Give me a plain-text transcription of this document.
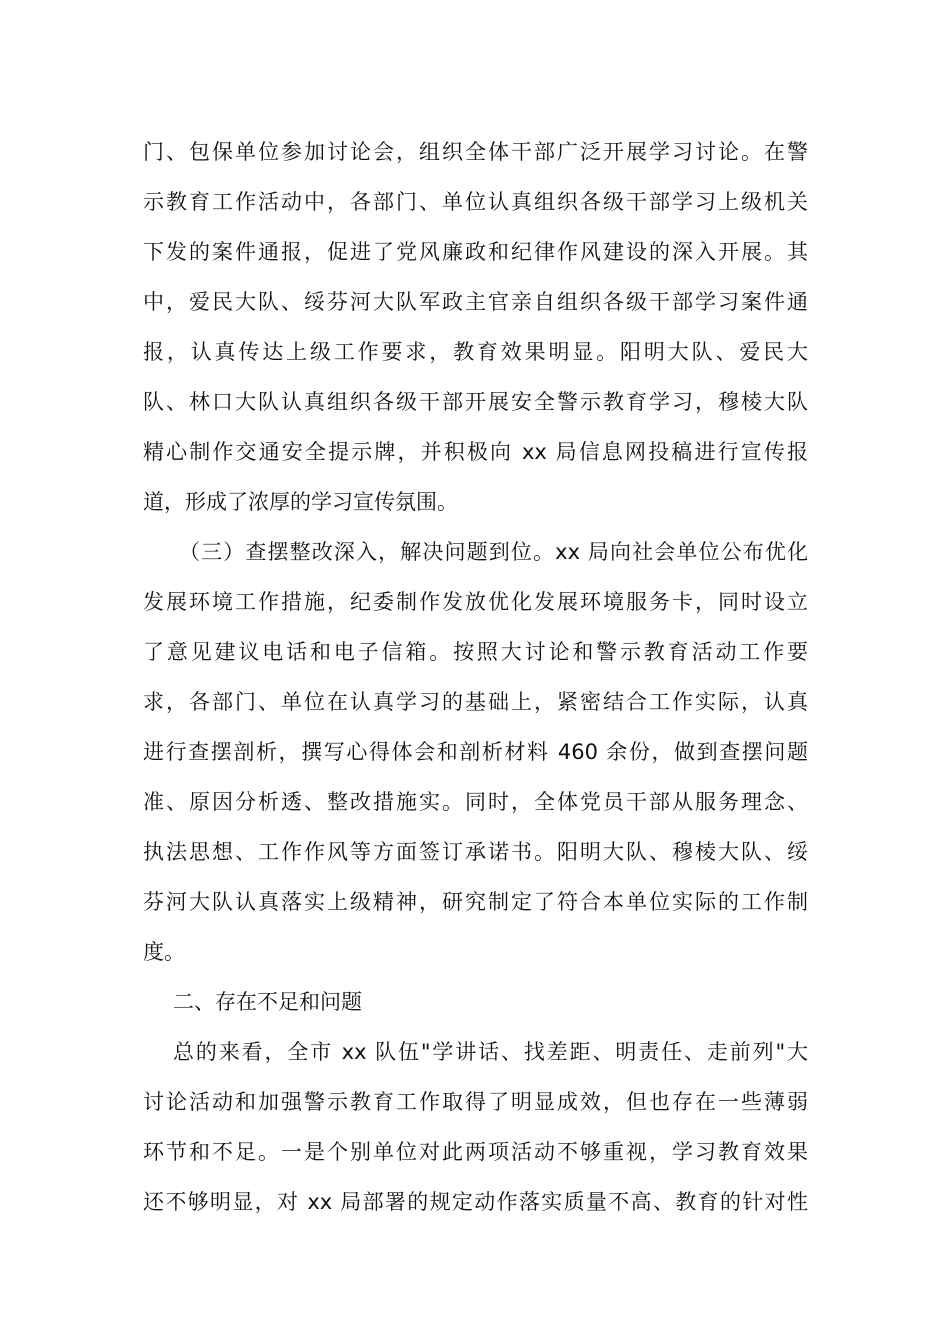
门、包保单位参加讨论会，组织全体干部广泛开展学习讨论。在警
示教育工作活动中，各部门、单位认真组织各级干部学习上级机关
下发的案件通报，促进了党风廉政和纪律作风建设的深入开展。其
中，爱民大队、绥芬河大队军政主官亲自组织各级干部学习案件通
报，认真传达上级工作要求，教育效果明显。阳明大队、爱民大
队、林口大队认真组织各级干部开展安全警示教育学习，穆棱大队
精心制作交通安全提示牌，并积极向 xx 局信息网投稿进行宣传报
道，形成了浓厚的学习宣传氛围。
（三）查摆整改深入，解决问题到位。xx 局向社会单位公布优化
发展环境工作措施，纪委制作发放优化发展环境服务卡，同时设立
了意见建议电话和电子信箱。按照大讨论和警示教育活动工作要
求，各部门、单位在认真学习的基础上，紧密结合工作实际，认真
进行查摆剖析，撰写心得体会和剖析材料 460 余份，做到查摆问题
准、原因分析透、整改措施实。同时，全体党员干部从服务理念、
执法思想、工作作风等方面签订承诺书。阳明大队、穆棱大队、绥
芬河大队认真落实上级精神，研究制定了符合本单位实际的工作制
度。
二、存在不足和问题
总的来看，全市 xx 队伍"学讲话、找差距、明责任、走前列"大
讨论活动和加强警示教育工作取得了明显成效，但也存在一些薄弱
环节和不足。一是个别单位对此两项活动不够重视，学习教育效果
还不够明显，对 xx 局部署的规定动作落实质量不高、教育的针对性
